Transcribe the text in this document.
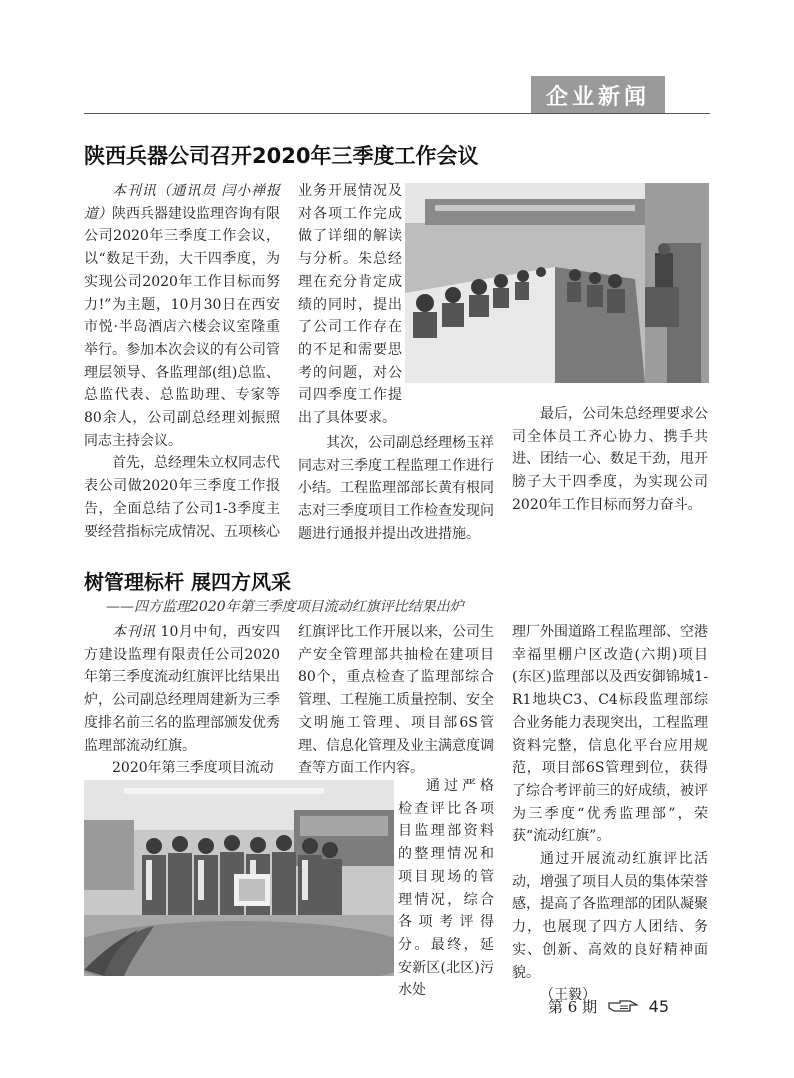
企业新闻
陕西兵器公司召开2020年三季度工作会议

本刊讯（通讯员 闫小禅报道）陕西兵器建设监理咨询有限公司2020年三季度工作会议，以“数足干劲，大干四季度，为实现公司2020年工作目标而努力!”为主题，10月30日在西安市悦·半岛酒店六楼会议室隆重举行。参加本次会议的有公司管理层领导、各监理部(组)总监、总监代表、总监助理、专家等80余人，公司副总经理刘振照同志主持会议。

首先，总经理朱立权同志代表公司做2020年三季度工作报告，全面总结了公司1-3季度主要经营指标完成情况、五项核心

业务开展情况及对各项工作完成做了详细的解读与分析。朱总经理在充分肯定成绩的同时，提出了公司工作存在的不足和需要思考的问题，对公司四季度工作提出了具体要求。

其次，公司副总经理杨玉祥同志对三季度工程监理工作进行小结。工程监理部部长黄有根同志对三季度项目工作检查发现问题进行通报并提出改进措施。

最后，公司朱总经理要求公司全体员工齐心协力、携手共进、团结一心、数足干劲，甩开膀子大干四季度，为实现公司2020年工作目标而努力奋斗。

树管理标杆 展四方风采
——四方监理2020年第三季度项目流动红旗评比结果出炉

本刊讯 10月中旬，西安四方建设监理有限责任公司2020年第三季度流动红旗评比结果出炉，公司副总经理周建新为三季度排名前三名的监理部颁发优秀监理部流动红旗。

2020年第三季度项目流动

红旗评比工作开展以来，公司生产安全管理部共抽检在建项目80个，重点检查了监理部综合管理、工程施工质量控制、安全文明施工管理、项目部6S管理、信息化管理及业主满意度调查等方面工作内容。

通过严格检查评比各项目监理部资料的整理情况和项目现场的管理情况，综合各项考评得分。最终，延安新区(北区)污水处

理厂外围道路工程监理部、空港幸福里棚户区改造(六期)项目(东区)监理部以及西安御锦城1-R1地块C3、C4标段监理部综合业务能力表现突出，工程监理资料完整，信息化平台应用规范，项目部6S管理到位，获得了综合考评前三的好成绩，被评为三季度“优秀监理部”，荣获“流动红旗”。

通过开展流动红旗评比活动，增强了项目人员的集体荣誉感，提高了各监理部的团队凝聚力，也展现了四方人团结、务实、创新、高效的良好精神面貌。

（王毅）

第 6 期	45
